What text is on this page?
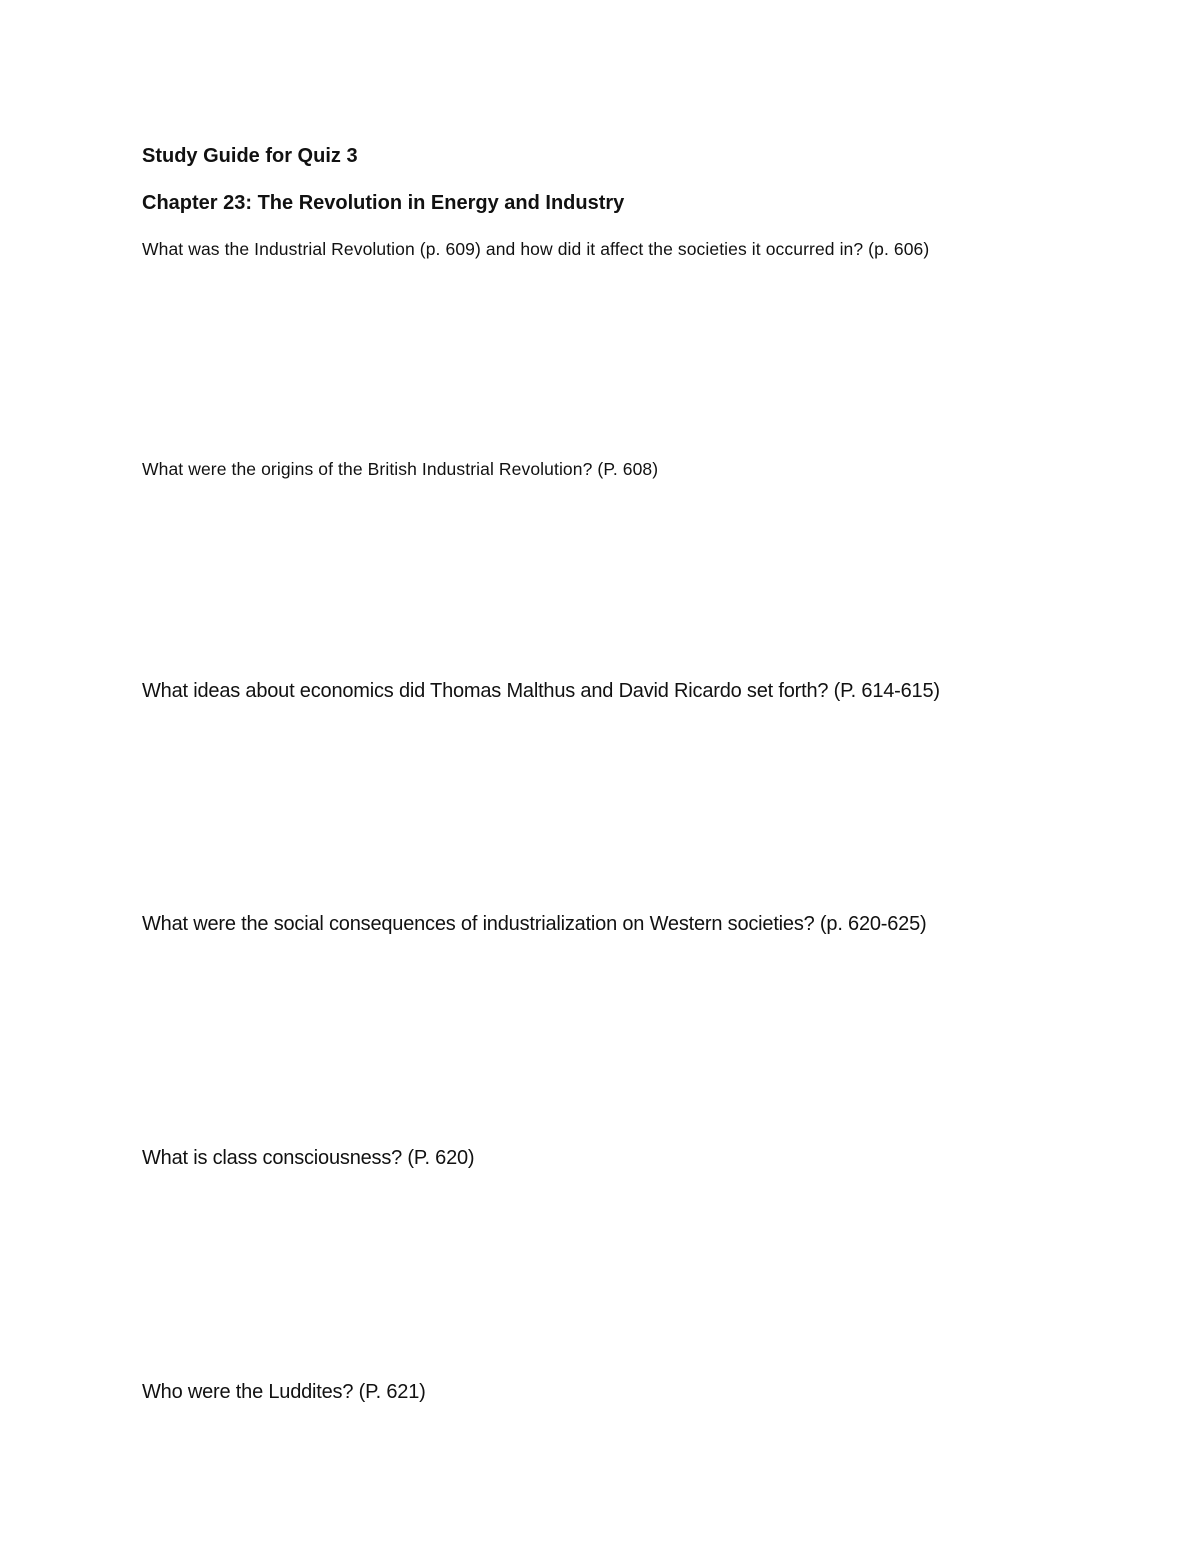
Study Guide for Quiz 3
Chapter 23: The Revolution in Energy and Industry

What was the Industrial Revolution (p. 609) and how did it affect the societies it occurred in? (p. 606)

What were the origins of the British Industrial Revolution? (P. 608)

What ideas about economics did Thomas Malthus and David Ricardo set forth? (P. 614-615)

What were the social consequences of industrialization on Western societies? (p. 620-625)

What is class consciousness? (P. 620)

Who were the Luddites? (P. 621)
